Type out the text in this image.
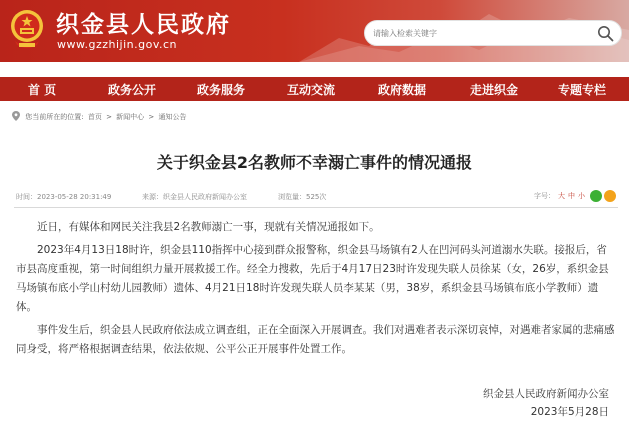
织金县人民政府
www.gzzhijin.gov.cn
请输入检索关键字
首 页	政务公开	政务服务	互动交流	政府数据	走进织金	专题专栏
您当前所在的位置: 首页 > 新闻中心 > 通知公告
关于织金县2名教师不幸溺亡事件的情况通报
时间：2023-05-28 20:31:49	来源：织金县人民政府新闻办公室	浏览量：525次	字号： 大 中 小

近日，有媒体和网民关注我县2名教师溺亡一事，现就有关情况通报如下。

2023年4月13日18时许，织金县110指挥中心接到群众报警称，织金县马场镇有2人在凹河码头河道溺水失联。接报后，省市县高度重视，第一时间组织力量开展救援工作。经全力搜救，先后于4月17日23时许发现失联人员徐某（女，26岁，系织金县马场镇布底小学山村幼儿园教师）遗体、4月21日18时许发现失联人员李某某（男，38岁，系织金县马场镇布底小学教师）遗体。

事件发生后，织金县人民政府依法成立调查组，正在全面深入开展调查。我们对遇难者表示深切哀悼，对遇难者家属的悲痛感同身受，将严格根据调查结果，依法依规、公平公正开展事件处置工作。

织金县人民政府新闻办公室
2023年5月28日
